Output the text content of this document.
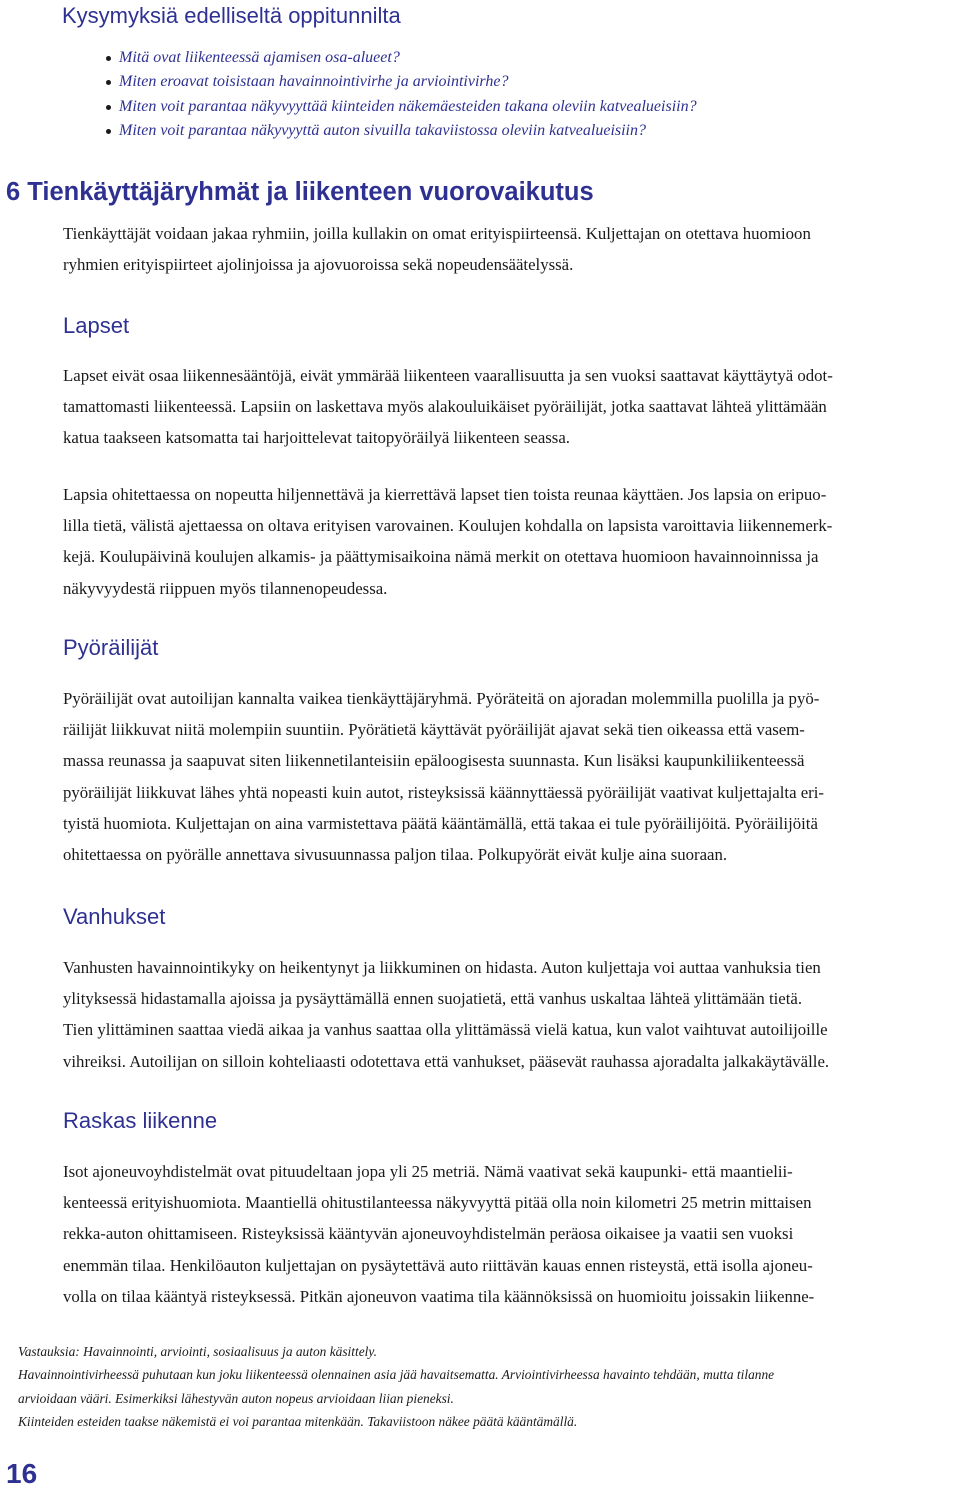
Kysymyksiä edelliseltä oppitunnilta
Mitä ovat liikenteessä ajamisen osa-alueet?
Miten eroavat toisistaan havainnointivirhe ja arviointivirhe?
Miten voit parantaa näkyvyyttää kiinteiden näkemäesteiden takana oleviin katvealueisiin?
Miten voit parantaa näkyvyyttä auton sivuilla takaviistossa oleviin katvealueisiin?
6 Tienkäyttäjäryhmät ja liikenteen vuorovaikutus

Tienkäyttäjät voidaan jakaa ryhmiin, joilla kullakin on omat erityispiirteensä. Kuljettajan on otettava huomioon
ryhmien erityispiirteet ajolinjoissa ja ajovuoroissa sekä nopeudensäätelyssä.

Lapset

Lapset eivät osaa liikennesääntöjä, eivät ymmärää liikenteen vaarallisuutta ja sen vuoksi saattavat käyttäytyä odot-
tamattomasti liikenteessä. Lapsiin on laskettava myös alakouluikäiset pyöräilijät, jotka saattavat lähteä ylittämään
katua taakseen katsomatta tai harjoittelevat taitopyöräilyä liikenteen seassa.

Lapsia ohitettaessa on nopeutta hiljennettävä ja kierrettävä lapset tien toista reunaa käyttäen. Jos lapsia on eripuo-
lilla tietä, välistä ajettaessa on oltava erityisen varovainen. Koulujen kohdalla on lapsista varoittavia liikennemerk-
kejä. Koulupäivinä koulujen alkamis- ja päättymisaikoina nämä merkit on otettava huomioon havainnoinnissa ja
näkyvyydestä riippuen myös tilannenopeudessa.

Pyöräilijät

Pyöräilijät ovat autoilijan kannalta vaikea tienkäyttäjäryhmä. Pyöräteitä on ajoradan molemmilla puolilla ja pyö-
räilijät liikkuvat niitä molempiin suuntiin. Pyörätietä käyttävät pyöräilijät ajavat sekä tien oikeassa että vasem-
massa reunassa ja saapuvat siten liikennetilanteisiin epäloogisesta suunnasta. Kun lisäksi kaupunkiliikenteessä
pyöräilijät liikkuvat lähes yhtä nopeasti kuin autot, risteyksissä käännyttäessä pyöräilijät vaativat kuljettajalta eri-
tyistä huomiota. Kuljettajan on aina varmistettava päätä kääntämällä, että takaa ei tule pyöräilijöitä. Pyöräilijöitä
ohitettaessa on pyörälle annettava sivusuunnassa paljon tilaa. Polkupyörät eivät kulje aina suoraan.

Vanhukset

Vanhusten havainnointikyky on heikentynyt ja liikkuminen on hidasta. Auton kuljettaja voi auttaa vanhuksia tien
ylityksessä hidastamalla ajoissa ja pysäyttämällä ennen suojatietä, että vanhus uskaltaa lähteä ylittämään tietä.
Tien ylittäminen saattaa viedä aikaa ja vanhus saattaa olla ylittämässä vielä katua, kun valot vaihtuvat autoilijoille
vihreiksi. Autoilijan on silloin kohteliaasti odotettava että vanhukset, pääsevät rauhassa ajoradalta jalkakäytävälle.

Raskas liikenne

Isot ajoneuvoyhdistelmät ovat pituudeltaan jopa yli 25 metriä. Nämä vaativat sekä kaupunki- että maantielii-
kenteessä erityishuomiota. Maantiellä ohitustilanteessa näkyvyyttä pitää olla noin kilometri 25 metrin mittaisen
rekka-auton ohittamiseen. Risteyksissä kääntyvän ajoneuvoyhdistelmän peräosa oikaisee ja vaatii sen vuoksi
enemmän tilaa. Henkilöauton kuljettajan on pysäytettävä auto riittävän kauas ennen risteystä, että isolla ajoneu-
volla on tilaa kääntyä risteyksessä. Pitkän ajoneuvon vaatima tila käännöksissä on huomioitu joissakin liikenne-

Vastauksia: Havainnointi, arviointi, sosiaalisuus ja auton käsittely.
Havainnointivirheessä puhutaan kun joku liikenteessä olennainen asia jää havaitsematta. Arviointivirheessa havainto tehdään, mutta tilanne
arvioidaan vääri. Esimerkiksi lähestyvän auton nopeus arvioidaan liian pieneksi.
Kiinteiden esteiden taakse näkemistä ei voi parantaa mitenkään. Takaviistoon näkee päätä kääntämällä.

16
